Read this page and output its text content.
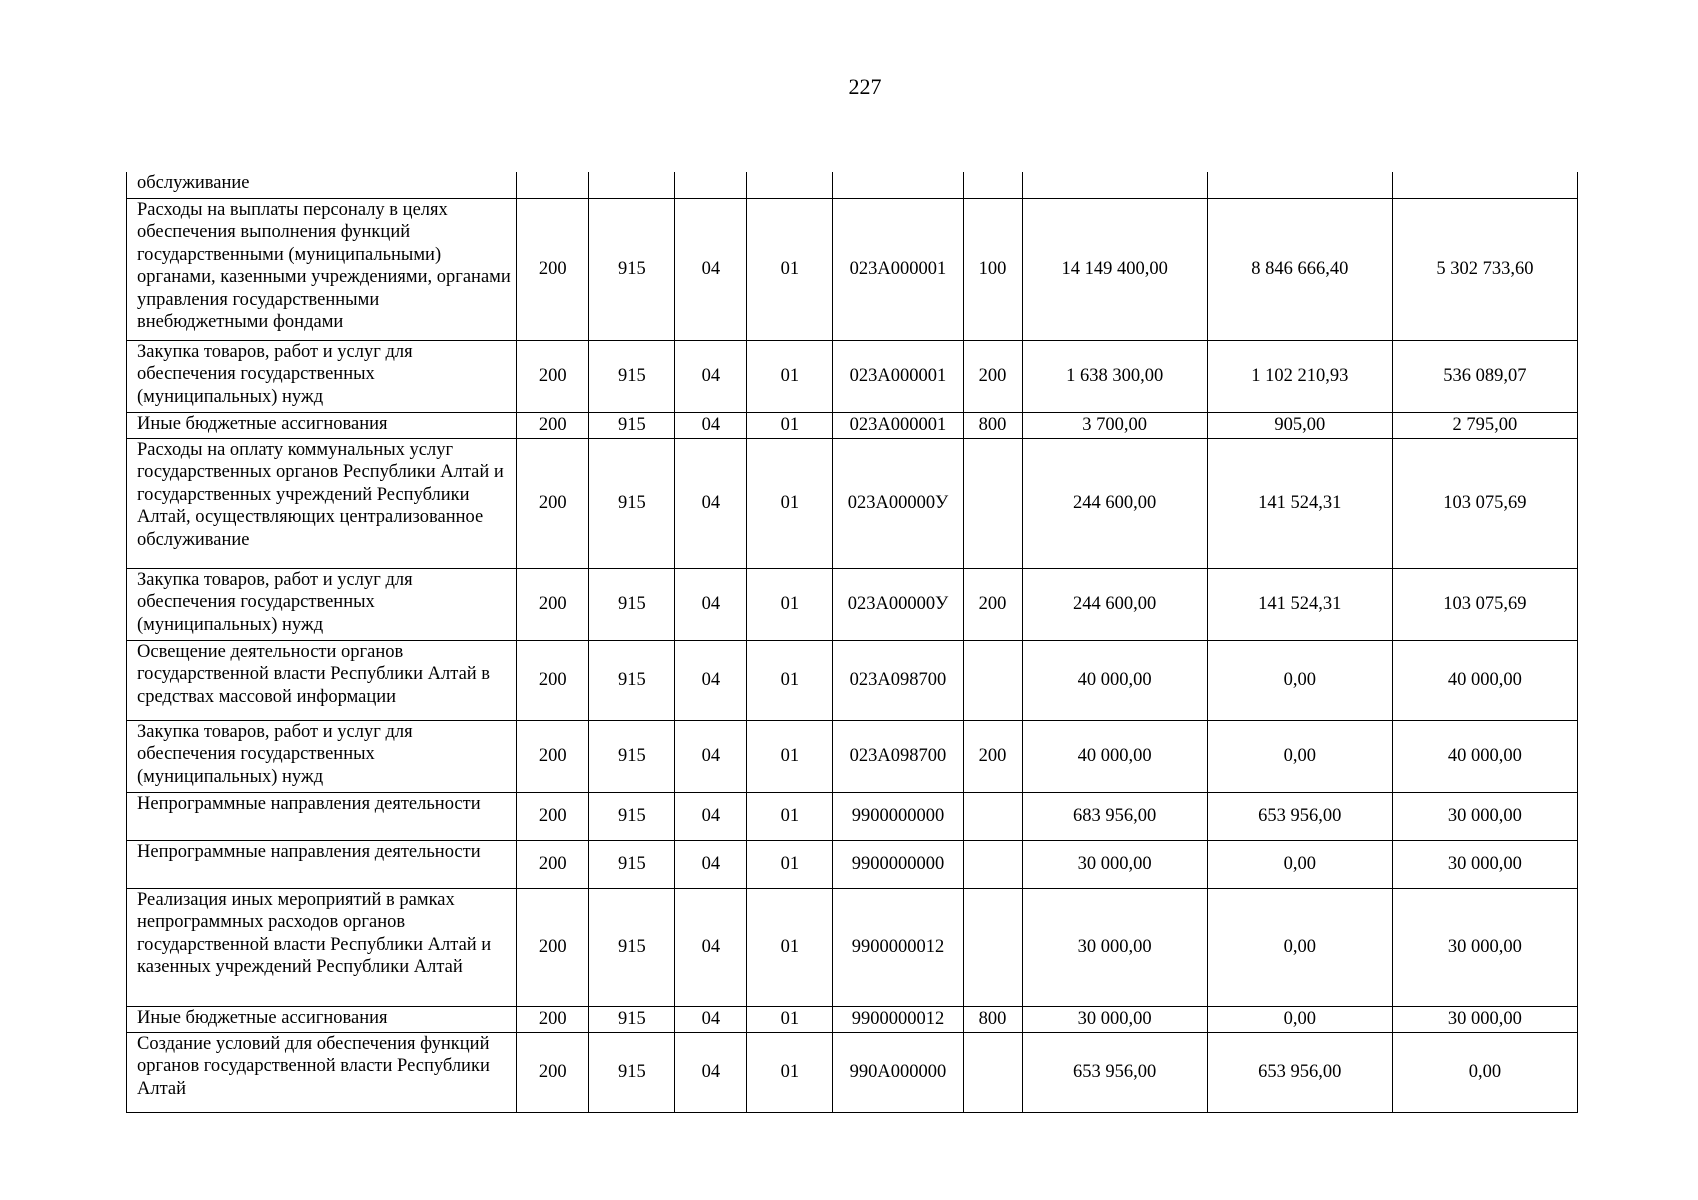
227
обслуживание									
Расходы на выплаты персоналу в целях обеспечения выполнения функций государственными (муниципальными) органами, казенными учреждениями, органами управления государственными внебюджетными фондами	200	915	04	01	023А000001	100	14 149 400,00	8 846 666,40	5 302 733,60
Закупка товаров, работ и услуг для обеспечения государственных (муниципальных) нужд	200	915	04	01	023А000001	200	1 638 300,00	1 102 210,93	536 089,07
Иные бюджетные ассигнования	200	915	04	01	023А000001	800	3 700,00	905,00	2 795,00
Расходы на оплату коммунальных услуг государственных органов Республики Алтай и государственных учреждений Республики Алтай, осуществляющих централизованное обслуживание	200	915	04	01	023А00000У		244 600,00	141 524,31	103 075,69
Закупка товаров, работ и услуг для обеспечения государственных (муниципальных) нужд	200	915	04	01	023А00000У	200	244 600,00	141 524,31	103 075,69
Освещение деятельности органов государственной власти Республики Алтай в средствах массовой информации	200	915	04	01	023А098700		40 000,00	0,00	40 000,00
Закупка товаров, работ и услуг для обеспечения государственных (муниципальных) нужд	200	915	04	01	023А098700	200	40 000,00	0,00	40 000,00
Непрограммные направления деятельности	200	915	04	01	9900000000		683 956,00	653 956,00	30 000,00
Непрограммные направления деятельности	200	915	04	01	9900000000		30 000,00	0,00	30 000,00
Реализация иных мероприятий в рамках непрограммных расходов органов государственной власти Республики Алтай и казенных учреждений Республики Алтай	200	915	04	01	9900000012		30 000,00	0,00	30 000,00
Иные бюджетные ассигнования	200	915	04	01	9900000012	800	30 000,00	0,00	30 000,00
Создание условий для обеспечения функций органов государственной власти Республики Алтай	200	915	04	01	990А000000		653 956,00	653 956,00	0,00
